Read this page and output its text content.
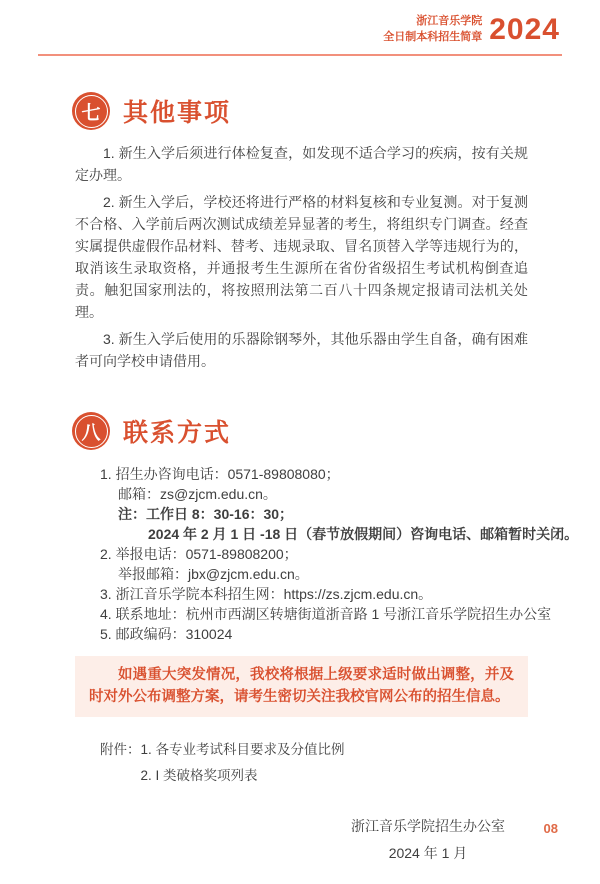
浙江音乐学院
全日制本科招生简章 2024
七 其他事项

1. 新生入学后须进行体检复查，如发现不适合学习的疾病，按有关规定办理。

2. 新生入学后，学校还将进行严格的材料复核和专业复测。对于复测不合格、入学前后两次测试成绩差异显著的考生，将组织专门调查。经查实属提供虚假作品材料、替考、违规录取、冒名顶替入学等违规行为的，取消该生录取资格，并通报考生生源所在省份省级招生考试机构倒查追责。触犯国家刑法的，将按照刑法第二百八十四条规定报请司法机关处理。

3. 新生入学后使用的乐器除钢琴外，其他乐器由学生自备，确有困难者可向学校申请借用。

八 联系方式
1. 招生办咨询电话：0571-89808080；
邮箱：zs@zjcm.edu.cn。
注：工作日 8：30-16：30；
2024 年 2 月 1 日 -18 日（春节放假期间）咨询电话、邮箱暂时关闭。
2. 举报电话：0571-89808200；
举报邮箱：jbx@zjcm.edu.cn。
3. 浙江音乐学院本科招生网：https://zs.zjcm.edu.cn。
4. 联系地址：杭州市西湖区转塘街道浙音路 1 号浙江音乐学院招生办公室
5. 邮政编码：310024
如遇重大突发情况，我校将根据上级要求适时做出调整，并及时对外公布调整方案，请考生密切关注我校官网公布的招生信息。
附件： 1. 各专业考试科目要求及分值比例
2. I 类破格奖项列表
浙江音乐学院招生办公室
2024 年 1 月
08
